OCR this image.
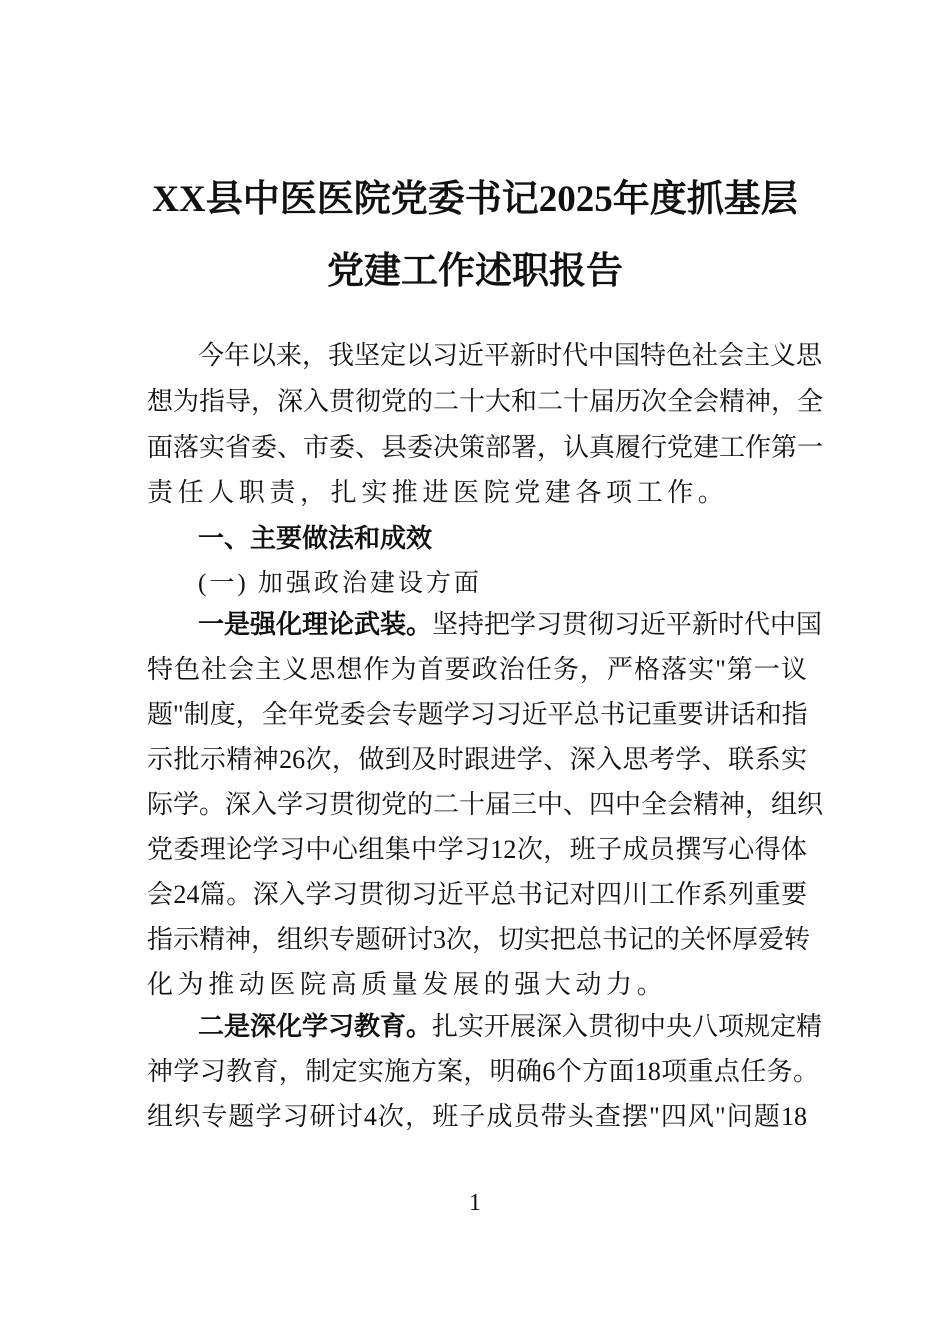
XX县中医医院党委书记2025年度抓基层
党建工作述职报告
今年以来，我坚定以习近平新时代中国特色社会主义思
想为指导，深入贯彻党的二十大和二十届历次全会精神，全
面落实省委、市委、县委决策部署，认真履行党建工作第一
责任人职责，扎实推进医院党建各项工作。
一、主要做法和成效
(一) 加强政治建设方面
一是强化理论武装。坚持把学习贯彻习近平新时代中国
特色社会主义思想作为首要政治任务，严格落实"第一议
题"制度，全年党委会专题学习习近平总书记重要讲话和指
示批示精神26次，做到及时跟进学、深入思考学、联系实
际学。深入学习贯彻党的二十届三中、四中全会精神，组织
党委理论学习中心组集中学习12次，班子成员撰写心得体
会24篇。深入学习贯彻习近平总书记对四川工作系列重要
指示精神，组织专题研讨3次，切实把总书记的关怀厚爱转
化为推动医院高质量发展的强大动力。
二是深化学习教育。扎实开展深入贯彻中央八项规定精
神学习教育，制定实施方案，明确6个方面18项重点任务。
组织专题学习研讨4次，班子成员带头查摆"四风"问题18
1
